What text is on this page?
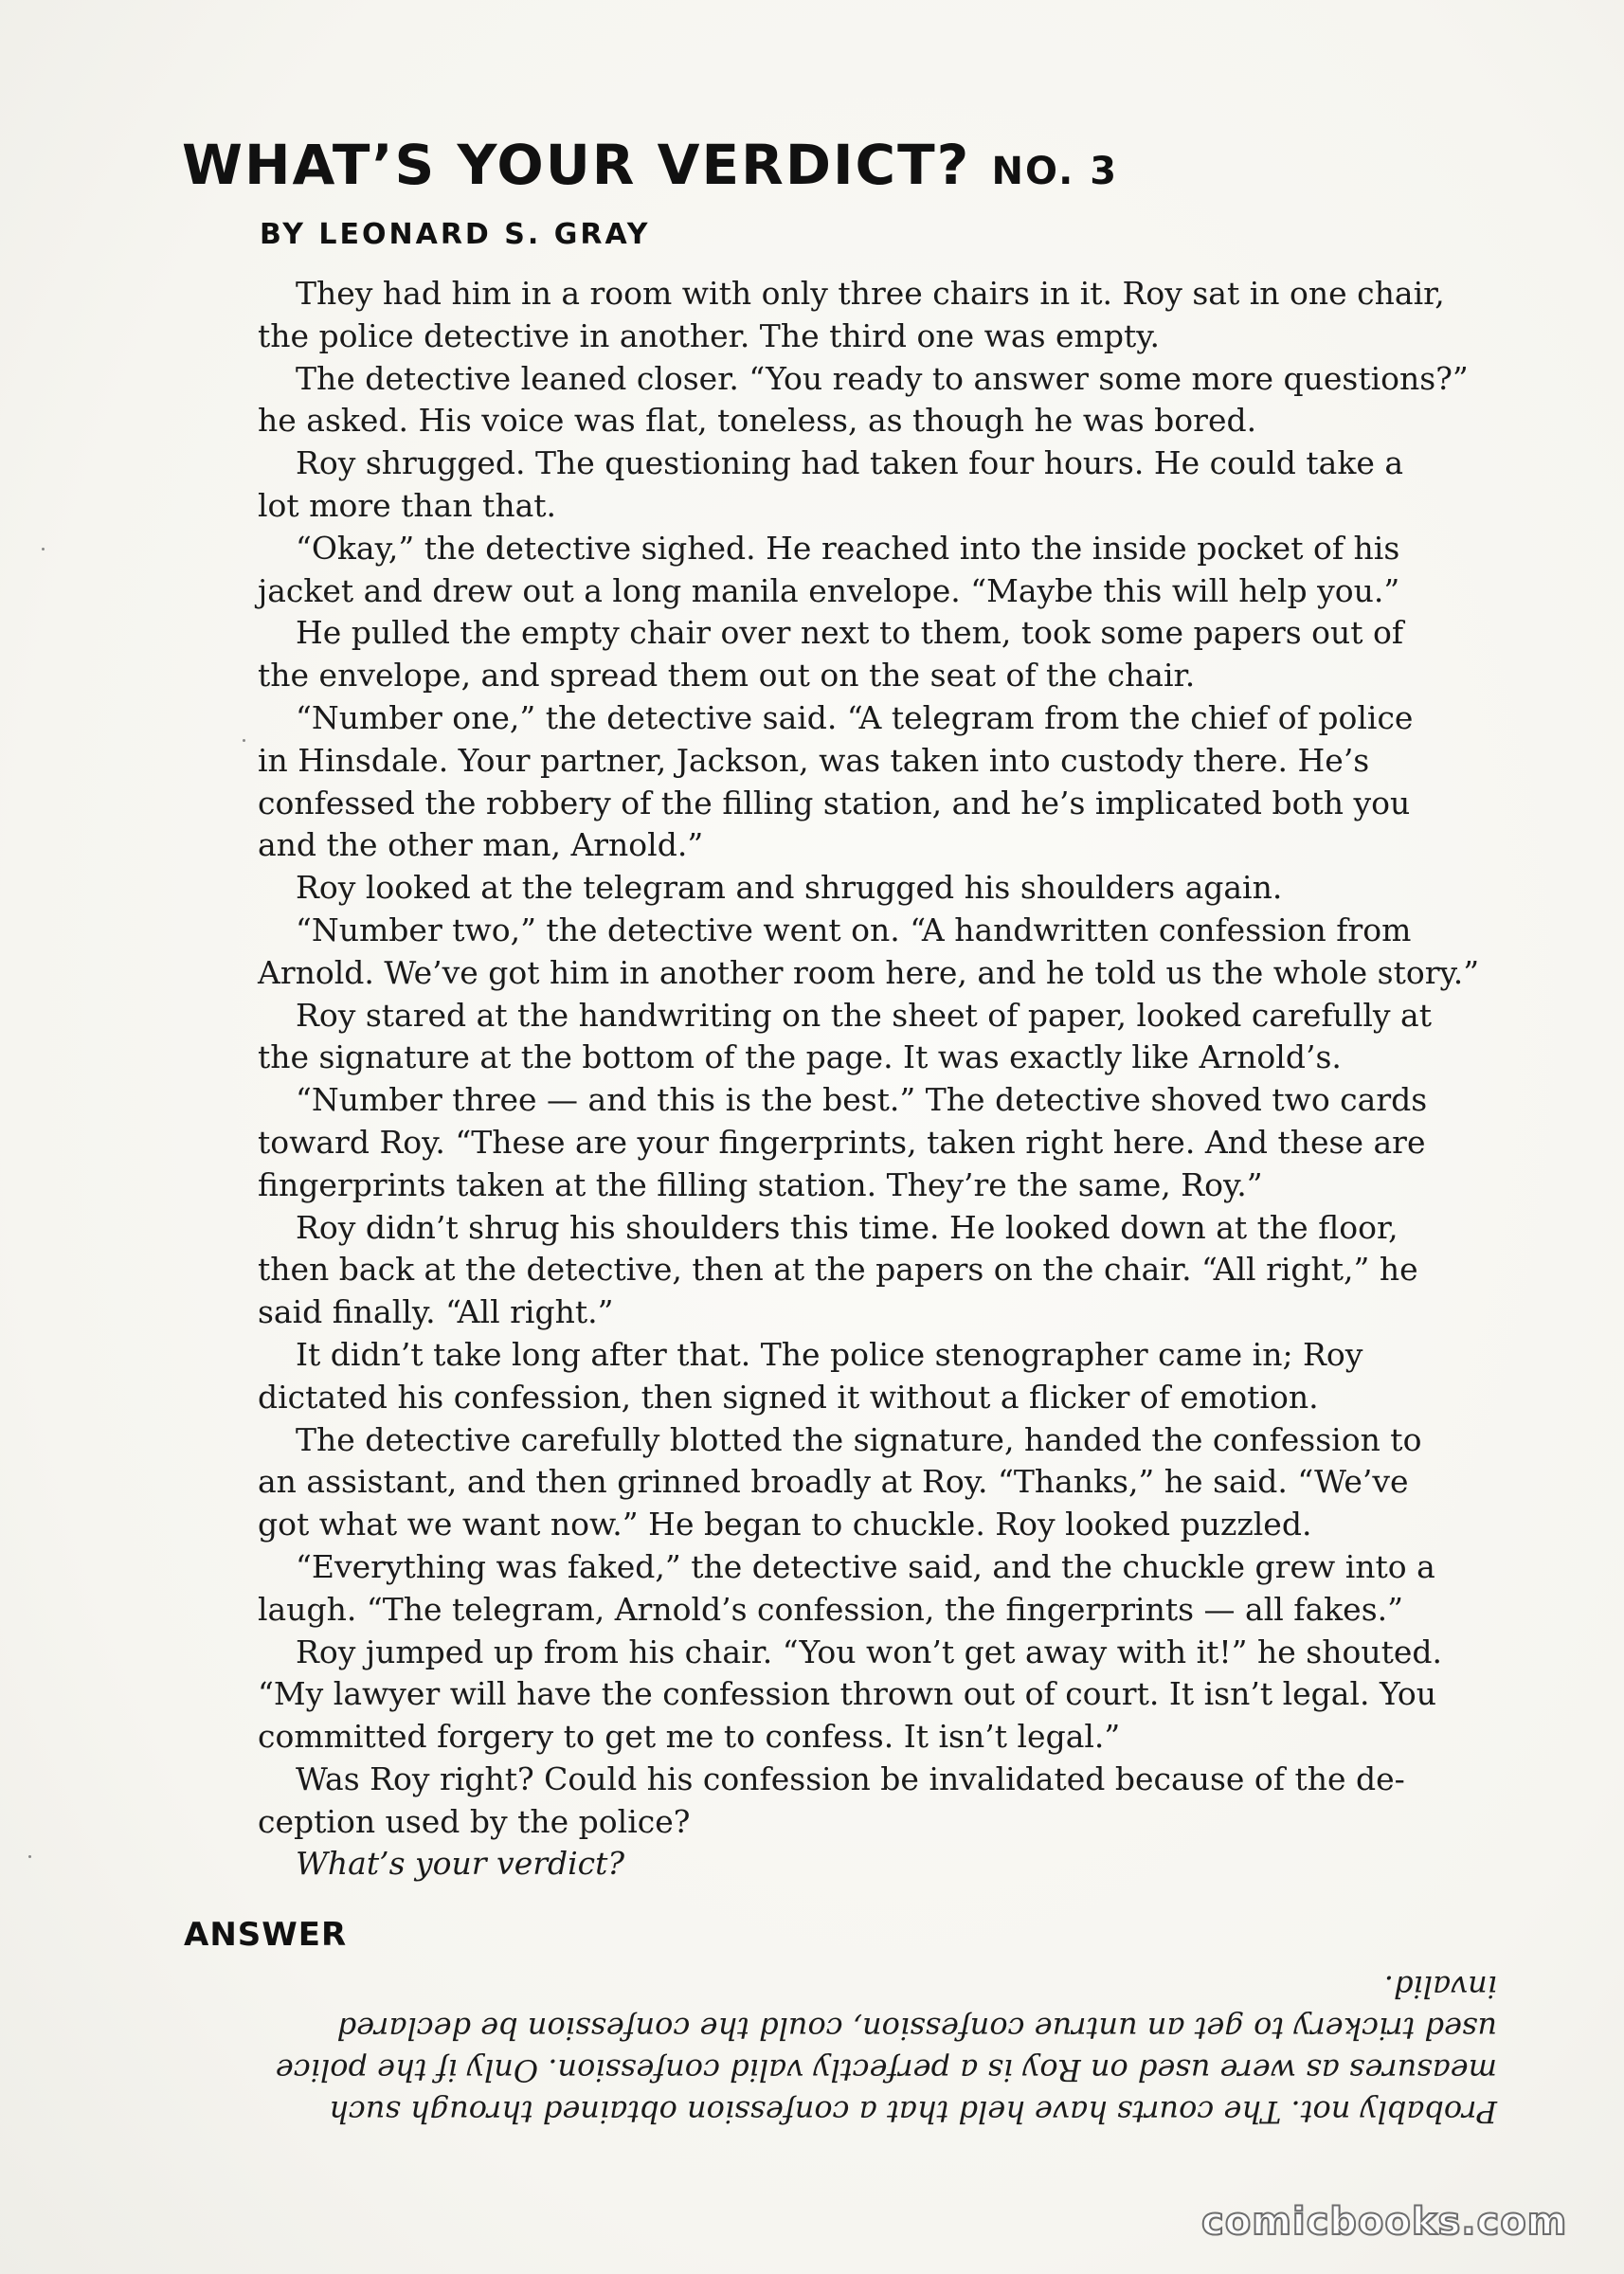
WHAT’S YOUR VERDICT? NO. 3
BY LEONARD S. GRAY

They had him in a room with only three chairs in it. Roy sat in one chair,
the police detective in another. The third one was empty.

The detective leaned closer. “You ready to answer some more questions?”
he asked. His voice was flat, toneless, as though he was bored.

Roy shrugged. The questioning had taken four hours. He could take a
lot more than that.

“Okay,” the detective sighed. He reached into the inside pocket of his
jacket and drew out a long manila envelope. “Maybe this will help you.”

He pulled the empty chair over next to them, took some papers out of
the envelope, and spread them out on the seat of the chair.

“Number one,” the detective said. “A telegram from the chief of police
in Hinsdale. Your partner, Jackson, was taken into custody there. He’s
confessed the robbery of the filling station, and he’s implicated both you
and the other man, Arnold.”

Roy looked at the telegram and shrugged his shoulders again.

“Number two,” the detective went on. “A handwritten confession from
Arnold. We’ve got him in another room here, and he told us the whole story.”

Roy stared at the handwriting on the sheet of paper, looked carefully at
the signature at the bottom of the page. It was exactly like Arnold’s.

“Number three — and this is the best.” The detective shoved two cards
toward Roy. “These are your fingerprints, taken right here. And these are
fingerprints taken at the filling station. They’re the same, Roy.”

Roy didn’t shrug his shoulders this time. He looked down at the floor,
then back at the detective, then at the papers on the chair. “All right,” he
said finally. “All right.”

It didn’t take long after that. The police stenographer came in; Roy
dictated his confession, then signed it without a flicker of emotion.

The detective carefully blotted the signature, handed the confession to
an assistant, and then grinned broadly at Roy. “Thanks,” he said. “We’ve
got what we want now.” He began to chuckle. Roy looked puzzled.

“Everything was faked,” the detective said, and the chuckle grew into a
laugh. “The telegram, Arnold’s confession, the fingerprints — all fakes.”

Roy jumped up from his chair. “You won’t get away with it!” he shouted.
“My lawyer will have the confession thrown out of court. It isn’t legal. You
committed forgery to get me to confess. It isn’t legal.”

Was Roy right? Could his confession be invalidated because of the de-
ception used by the police?

What’s your verdict?

ANSWER
Probably not. The courts have held that a confession obtained through such
measures as were used on Roy is a perfectly valid confession. Only if the police
used trickery to get an untrue confession, could the confession be declared invalid.
comicbooks.com
